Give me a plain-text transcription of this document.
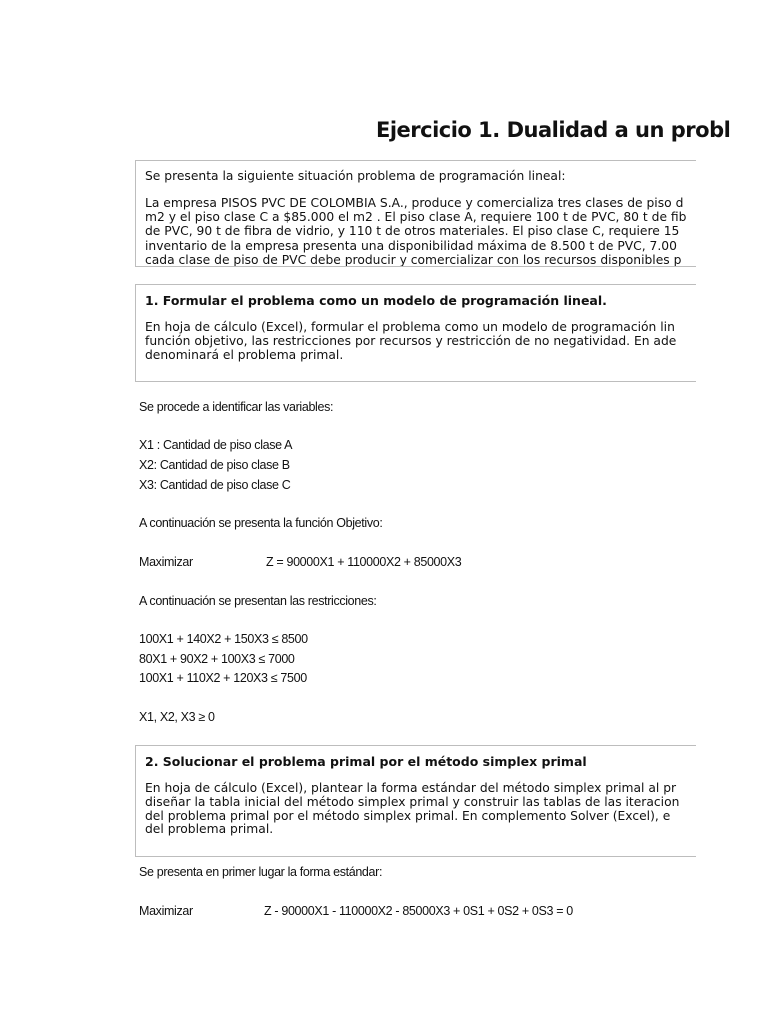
Ejercicio 1. Dualidad a un probl
Se presenta la siguiente situación problema de programación lineal:
La empresa PISOS PVC DE COLOMBIA S.A., produce y comercializa tres clases de piso d
m2 y el piso clase C a $85.000 el m2 . El piso clase A, requiere 100 t de PVC, 80 t de fib
de PVC, 90 t de fibra de vidrio, y 110 t de otros materiales. El piso clase C, requiere 15
inventario de la empresa presenta una disponibilidad máxima de 8.500 t de PVC, 7.00
cada clase de piso de PVC debe producir y comercializar con los recursos disponibles p
1. Formular el problema como un modelo de programación lineal.
En hoja de cálculo (Excel), formular el problema como un modelo de programación lin
función objetivo, las restricciones por recursos y restricción de no negatividad. En ade
denominará el problema primal.
Se procede a identificar las variables:
X1 : Cantidad de piso clase A
X2: Cantidad de piso clase B
X3: Cantidad de piso clase C
A continuación se presenta la función Objetivo:
Maximizar	Z = 90000X1 + 110000X2 + 85000X3
A continuación se presentan las restricciones:
100X1 + 140X2 + 150X3 ≤ 8500
80X1 + 90X2 + 100X3 ≤ 7000
100X1 + 110X2 + 120X3 ≤ 7500
X1, X2, X3 ≥ 0
2. Solucionar el problema primal por el método simplex primal
En hoja de cálculo (Excel), plantear la forma estándar del método simplex primal al pr
diseñar la tabla inicial del método simplex primal y construir las tablas de las iteracion
del problema primal por el método simplex primal. En complemento Solver (Excel), e
del problema primal.
Se presenta en primer lugar la forma estándar:
Maximizar	Z - 90000X1 - 110000X2 - 85000X3 + 0S1 + 0S2 + 0S3 = 0
